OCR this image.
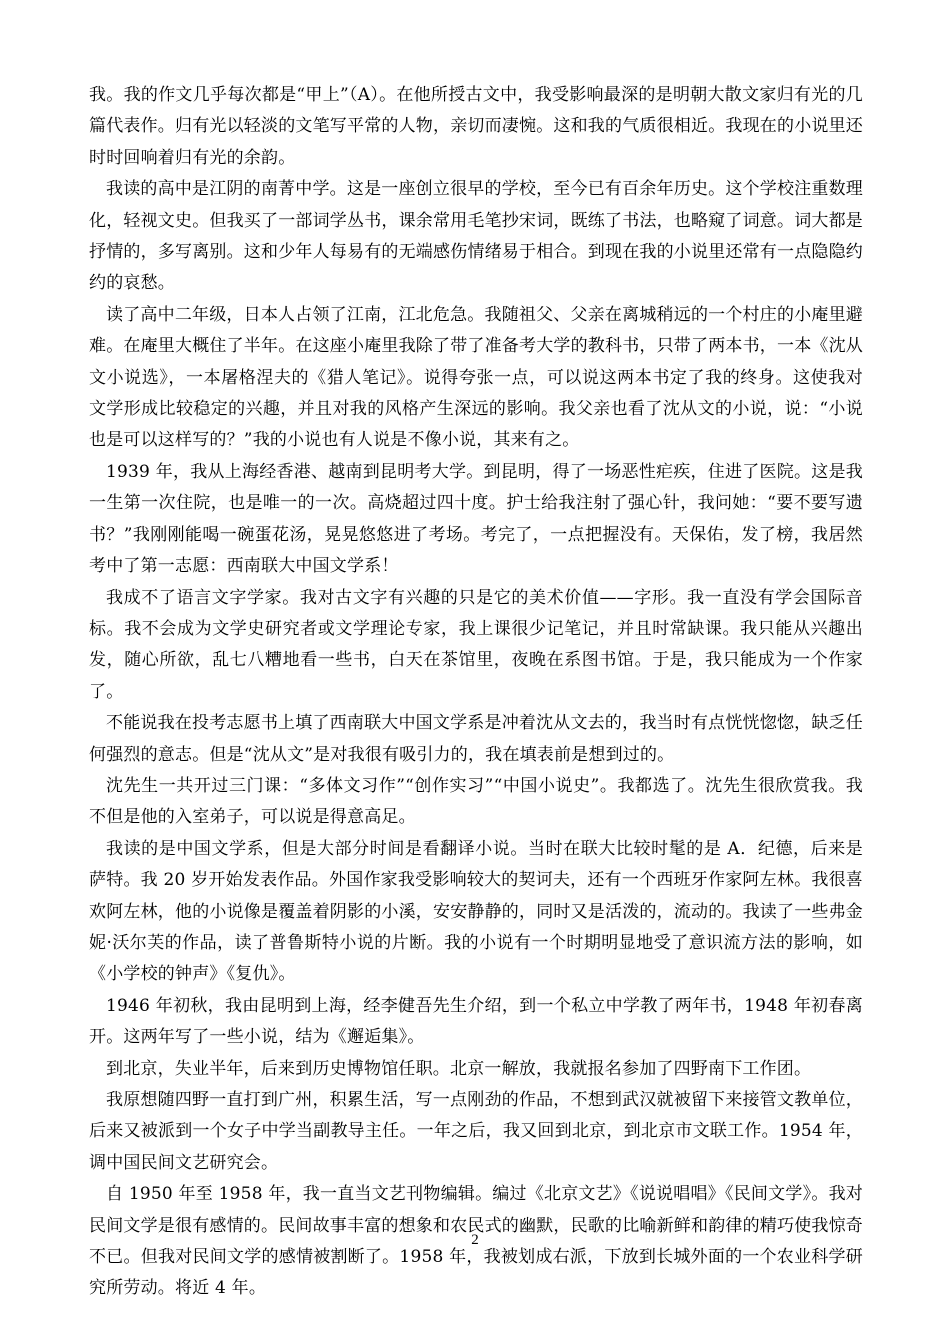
我。我的作文几乎每次都是“甲上”（A）。在他所授古文中，我受影响最深的是明朝大散文家归有光的几篇代表作。归有光以轻淡的文笔写平常的人物，亲切而凄惋。这和我的气质很相近。我现在的小说里还时时回响着归有光的余韵。

我读的高中是江阴的南菁中学。这是一座创立很早的学校，至今已有百余年历史。这个学校注重数理化，轻视文史。但我买了一部词学丛书，课余常用毛笔抄宋词，既练了书法，也略窥了词意。词大都是抒情的，多写离别。这和少年人每易有的无端感伤情绪易于相合。到现在我的小说里还常有一点隐隐约约的哀愁。

读了高中二年级，日本人占领了江南，江北危急。我随祖父、父亲在离城稍远的一个村庄的小庵里避难。在庵里大概住了半年。在这座小庵里我除了带了准备考大学的教科书，只带了两本书，一本《沈从文小说选》，一本屠格涅夫的《猎人笔记》。说得夸张一点，可以说这两本书定了我的终身。这使我对文学形成比较稳定的兴趣，并且对我的风格产生深远的影响。我父亲也看了沈从文的小说，说：“小说也是可以这样写的？”我的小说也有人说是不像小说，其来有之。

1939 年，我从上海经香港、越南到昆明考大学。到昆明，得了一场恶性疟疾，住进了医院。这是我一生第一次住院，也是唯一的一次。高烧超过四十度。护士给我注射了强心针，我问她：“要不要写遗书？”我刚刚能喝一碗蛋花汤，晃晃悠悠进了考场。考完了，一点把握没有。天保佑，发了榜，我居然考中了第一志愿：西南联大中国文学系！

我成不了语言文字学家。我对古文字有兴趣的只是它的美术价值——字形。我一直没有学会国际音标。我不会成为文学史研究者或文学理论专家，我上课很少记笔记，并且时常缺课。我只能从兴趣出发，随心所欲，乱七八糟地看一些书，白天在茶馆里，夜晚在系图书馆。于是，我只能成为一个作家了。

不能说我在投考志愿书上填了西南联大中国文学系是冲着沈从文去的，我当时有点恍恍惚惚，缺乏任何强烈的意志。但是“沈从文”是对我很有吸引力的，我在填表前是想到过的。

沈先生一共开过三门课：“多体文习作”“创作实习”“中国小说史”。我都选了。沈先生很欣赏我。我不但是他的入室弟子，可以说是得意高足。

我读的是中国文学系，但是大部分时间是看翻译小说。当时在联大比较时髦的是 A．纪德，后来是萨特。我 20 岁开始发表作品。外国作家我受影响较大的契诃夫，还有一个西班牙作家阿左林。我很喜欢阿左林，他的小说像是覆盖着阴影的小溪，安安静静的，同时又是活泼的，流动的。我读了一些弗金妮·沃尔芙的作品，读了普鲁斯特小说的片断。我的小说有一个时期明显地受了意识流方法的影响，如《小学校的钟声》《复仇》。

1946 年初秋，我由昆明到上海，经李健吾先生介绍，到一个私立中学教了两年书，1948 年初春离开。这两年写了一些小说，结为《邂逅集》。

到北京，失业半年，后来到历史博物馆任职。北京一解放，我就报名参加了四野南下工作团。

我原想随四野一直打到广州，积累生活，写一点刚劲的作品，不想到武汉就被留下来接管文教单位，后来又被派到一个女子中学当副教导主任。一年之后，我又回到北京，到北京市文联工作。1954 年，调中国民间文艺研究会。

自 1950 年至 1958 年，我一直当文艺刊物编辑。编过《北京文艺》《说说唱唱》《民间文学》。我对民间文学是很有感情的。民间故事丰富的想象和农民式的幽默，民歌的比喻新鲜和韵律的精巧使我惊奇不已。但我对民间文学的感情被割断了。1958 年，我被划成右派，下放到长城外面的一个农业科学研究所劳动。将近 4 年。

2
